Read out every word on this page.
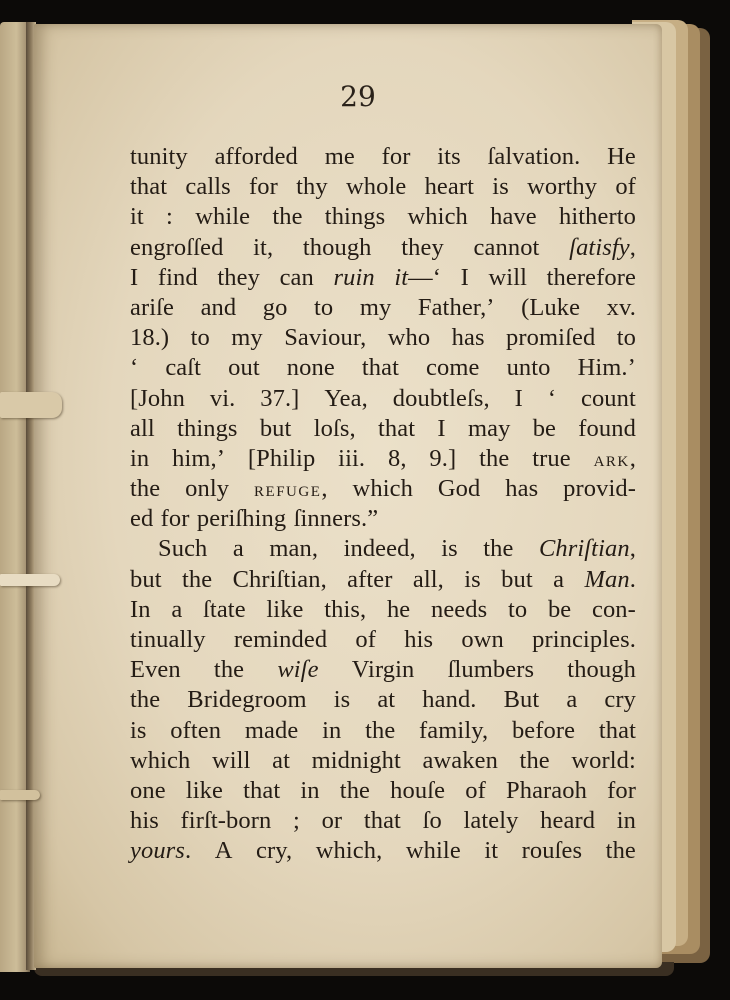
29
tunity afforded me for its ſalvation. He
that calls for thy whole heart is worthy of
it : while the things which have hitherto
engroſſed it, though they cannot ſatisfy,
I find they can ruin it—‘ I will therefore
ariſe and go to my Father,’ (Luke xv.
18.) to my Saviour, who has promiſed to
‘ caſt out none that come unto Him.’
[John vi. 37.] Yea, doubtleſs, I ‘ count
all things but loſs, that I may be found
in him,’ [Philip iii. 8, 9.] the true ark,
the only refuge, which God has provid-
ed for periſhing ſinners.”
Such a man, indeed, is the Chriſtian,
but the Chriſtian, after all, is but a Man.
In a ſtate like this, he needs to be con-
tinually reminded of his own principles.
Even the wiſe Virgin ſlumbers though
the Bridegroom is at hand. But a cry
is often made in the family, before that
which will at midnight awaken the world:
one like that in the houſe of Pharaoh for
his firſt-born ; or that ſo lately heard in
yours. A cry, which, while it rouſes the
